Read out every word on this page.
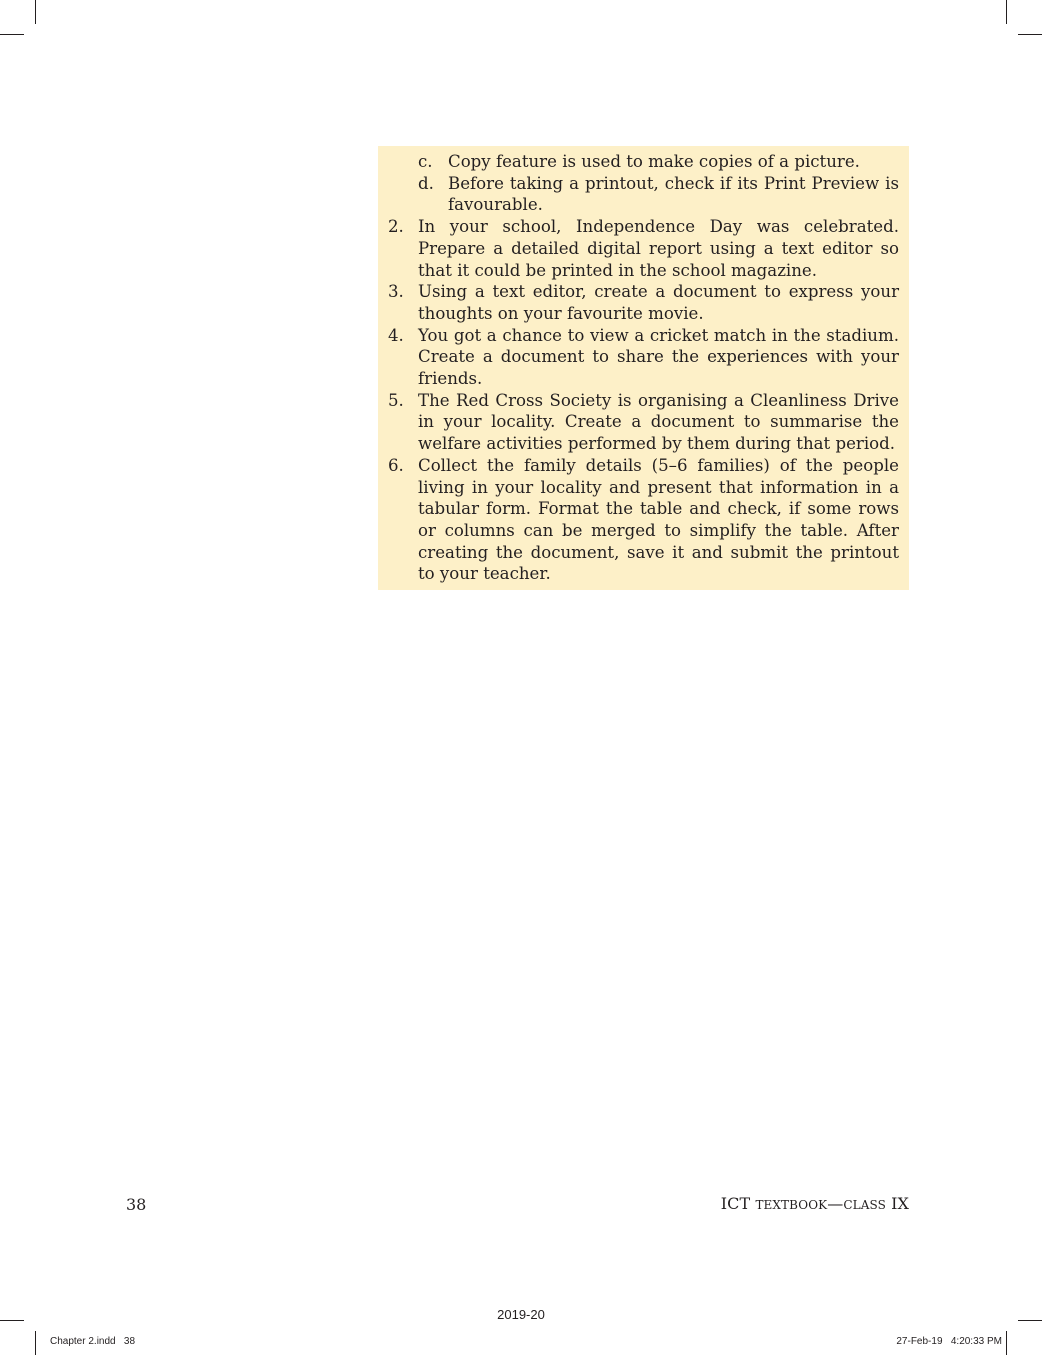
c. Copy feature is used to make copies of a picture.
d. Before taking a printout, check if its Print Preview is favourable.
2. In your school, Independence Day was celebrated. Prepare a detailed digital report using a text editor so that it could be printed in the school magazine.
3. Using a text editor, create a document to express your thoughts on your favourite movie.
4. You got a chance to view a cricket match in the stadium. Create a document to share the experiences with your friends.
5. The Red Cross Society is organising a Cleanliness Drive in your locality. Create a document to summarise the welfare activities performed by them during that period.
6. Collect the family details (5–6 families) of the people living in your locality and present that information in a tabular form. Format the table and check, if some rows or columns can be merged to simplify the table. After creating the document, save it and submit the printout to your teacher.
38	ICT TEXTBOOK—CLASS IX
2019-20
Chapter 2.indd   38	27-Feb-19   4:20:33 PM
